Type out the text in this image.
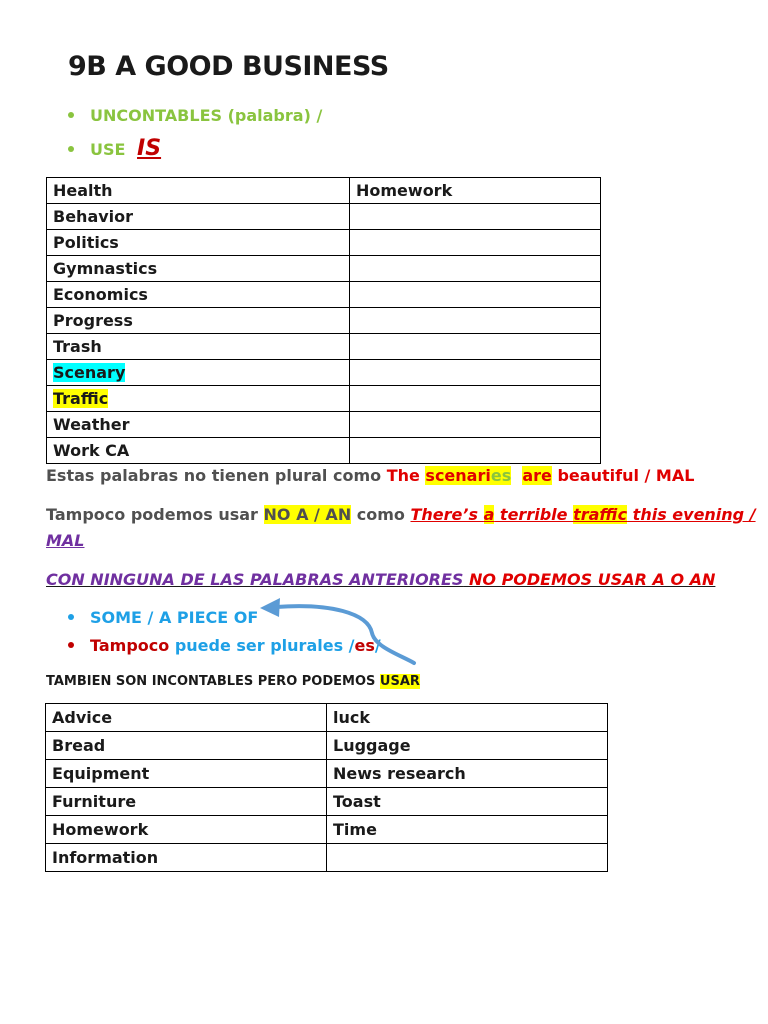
9B A GOOD BUSINESS
UNCONTABLES (palabra) /
USE IS
Health	Homework
Behavior	
Politics	
Gymnastics	
Economics	
Progress	
Trash	
Scenary	
Traffic	
Weather	
Work CA	
Estas palabras no tienen plural como The scenaries are beautiful / MAL
Tampoco podemos usar NO A / AN como There’s a terrible traffic this evening /
MAL
CON NINGUNA DE LAS PALABRAS ANTERIORES NO PODEMOS USAR A O AN
SOME / A PIECE OF
Tampoco puede ser plurales /es/
TAMBIEN SON INCONTABLES PERO PODEMOS USAR
Advice	luck
Bread	Luggage
Equipment	News research
Furniture	Toast
Homework	Time
Information	
